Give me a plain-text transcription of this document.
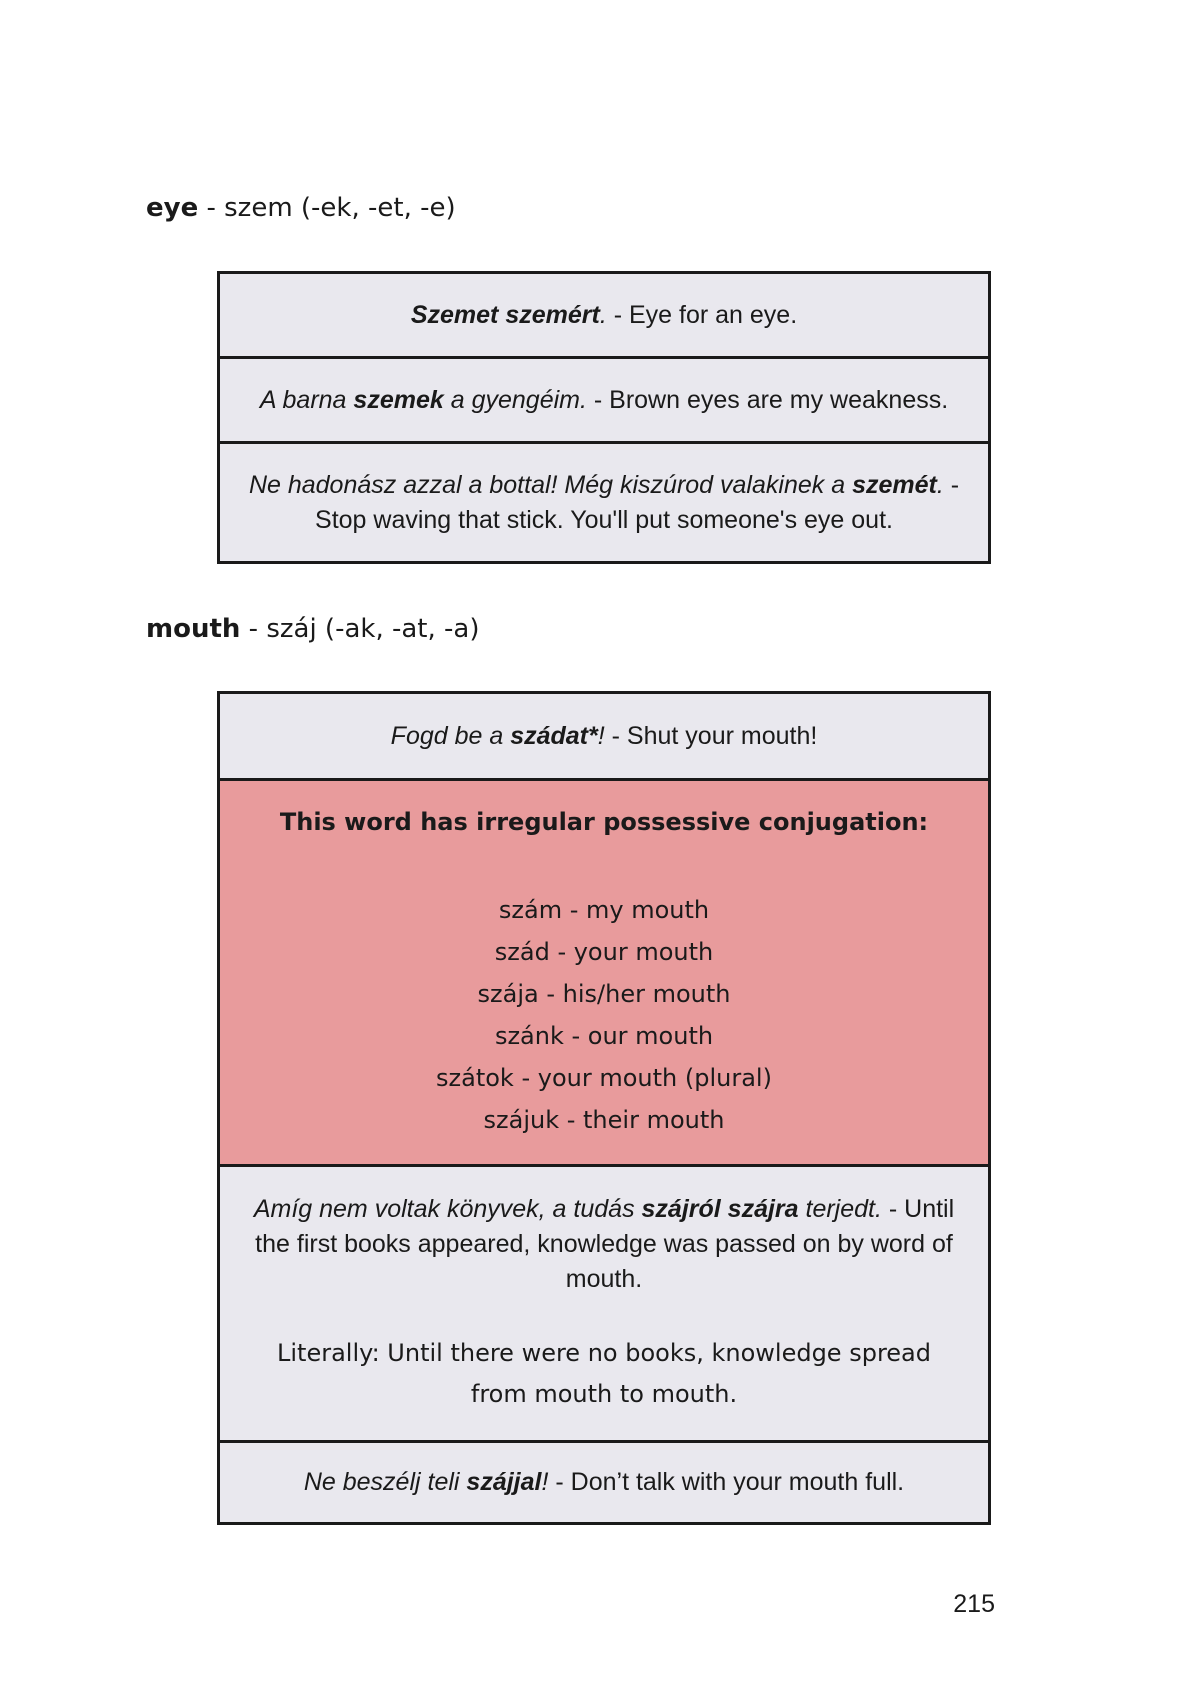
eye - szem (-ek, -et, -e)
Szemet szemért. - Eye for an eye.
A barna szemek a gyengéim. - Brown eyes are my weakness.
Ne hadonász azzal a bottal! Még kiszúrod valakinek a szemét. - Stop waving that stick. You'll put someone's eye out.
mouth - száj (-ak, -at, -a)
Fogd be a szádat*! - Shut your mouth!
This word has irregular possessive conjugation:
szám - my mouth
szád - your mouth
szája - his/her mouth
szánk - our mouth
szátok - your mouth (plural)
szájuk - their mouth
Amíg nem voltak könyvek, a tudás szájról szájra terjedt. - Until the first books appeared, knowledge was passed on by word of mouth.
Literally: Until there were no books, knowledge spread
from mouth to mouth.
Ne beszélj teli szájjal! - Don’t talk with your mouth full.
215
